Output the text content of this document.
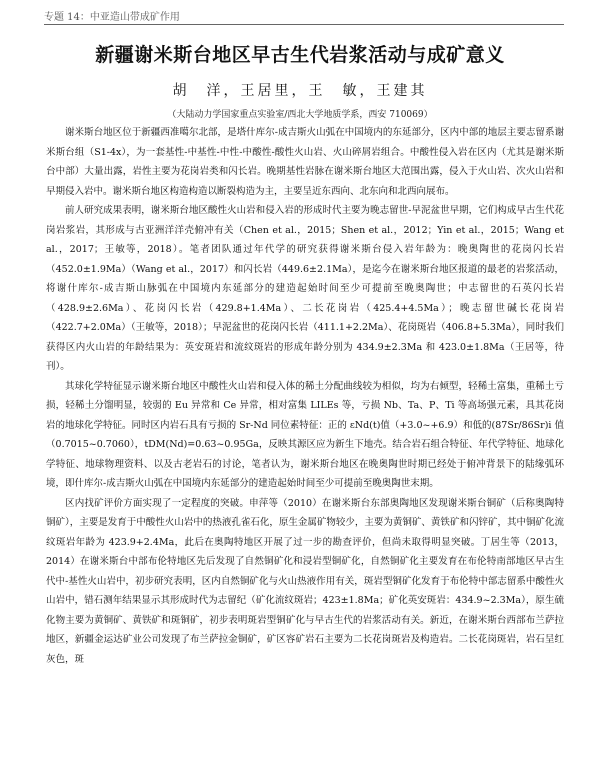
专题 14：中亚造山带成矿作用
新疆谢米斯台地区早古生代岩浆活动与成矿意义
胡　洋，王居里，王　敏，王建其
（大陆动力学国家重点实验室/西北大学地质学系，西安 710069）

谢米斯台地区位于新疆西准噶尔北部，是塔什库尔-成吉斯火山弧在中国境内的东延部分，区内中部的地层主要志留系谢米斯台组（S1-4x），为一套基性-中基性-中性-中酸性-酸性火山岩、火山碎屑岩组合。中酸性侵入岩在区内（尤其是谢米斯台中部）大量出露，岩性主要为花岗岩类和闪长岩。晚期基性岩脉在谢米斯台地区大范围出露，侵入于火山岩、次火山岩和早期侵入岩中。谢米斯台地区构造构造以断裂构造为主，主要呈近东西向、北东向和北西向展布。

前人研究成果表明，谢米斯台地区酸性火山岩和侵入岩的形成时代主要为晚志留世-早泥盆世早期，它们构成早古生代花岗岩浆岩，其形成与古亚洲洋洋壳俯冲有关（Chen et al.，2015；Shen et al.，2012；Yin et al.，2015；Wang et al.，2017；王敏等，2018）。笔者团队通过年代学的研究获得谢米斯台侵入岩年龄为：晚奥陶世的花岗闪长岩（452.0±1.9Ma）（Wang et al.，2017）和闪长岩（449.6±2.1Ma），是迄今在谢米斯台地区报道的最老的岩浆活动，将谢什库尔-成吉斯山脉弧在中国境内东延部分的建造起始时间至少可提前至晚奥陶世；中志留世的石英闪长岩（428.9±2.6Ma）、花岗闪长岩（429.8+1.4Ma）、二长花岗岩（425.4+4.5Ma）；晚志留世碱长花岗岩（422.7+2.0Ma）（王敏等，2018）；早泥盆世的花岗闪长岩（411.1+2.2Ma）、花岗斑岩（406.8+5.3Ma），同时我们获得区内火山岩的年龄结果为：英安斑岩和流纹斑岩的形成年龄分别为 434.9±2.3Ma 和 423.0±1.8Ma（王居等，待刊）。

其球化学特征显示谢米斯台地区中酸性火山岩和侵入体的稀土分配曲线较为相似，均为右倾型，轻稀土富集，重稀土亏损，轻稀土分馏明显，较弱的 Eu 异常和 Ce 异常，相对富集 LILEs 等，亏损 Nb、Ta、P、Ti 等高场强元素，具其花岗岩的地球化学特征。同时区内岩石具有亏损的 Sr-Nd 同位素特征：正的 εNd(t)值（+3.0~+6.9）和低的(87Sr/86Sr)i 值（0.7015~0.7060），tDM(Nd)=0.63~0.95Ga，反映其源区应为新生下地壳。结合岩石组合特征、年代学特征、地球化学特征、地球物理资料、以及古老岩石的讨论，笔者认为，谢米斯台地区在晚奥陶世时期已经处于俯冲背景下的陆缘弧环境，即什库尔-成吉斯火山弧在中国境内东延部分的建造起始时间至少可提前至晚奥陶世末期。

区内找矿评价方面实现了一定程度的突破。申萍等（2010）在谢米斯台东部奥陶地区发现谢米斯台铜矿（后称奥陶特铜矿），主要是发育于中酸性火山岩中的热液孔雀石化，原生金属矿物较少，主要为黄铜矿、黄铁矿和闪锌矿，其中铜矿化流纹斑岩年龄为 423.9+2.4Ma，此后在奥陶特地区开展了过一步的勘查评价，但尚未取得明显突破。丁居生等（2013，2014）在谢米斯台中部布伦特地区先后发现了自然铜矿化和浸岩型铜矿化，自然铜矿化主要发育在布伦特南部地区早古生代中-基性火山岩中，初步研究表明，区内自然铜矿化与火山热液作用有关，斑岩型铜矿化发育于布伦特中部志留系中酸性火山岩中，错石测年结果显示其形成时代为志留纪（矿化流纹斑岩；423±1.8Ma；矿化英安斑岩：434.9~2.3Ma），原生硫化物主要为黄铜矿、黄铁矿和斑铜矿，初步表明斑岩型铜矿化与早古生代的岩浆活动有关。新近，在谢米斯台西部布兰萨拉地区，新疆金运达矿业公司发现了布兰萨拉金铜矿，矿区容矿岩石主要为二长花岗斑岩及构造岩。二长花岗斑岩，岩石呈红灰色，斑
